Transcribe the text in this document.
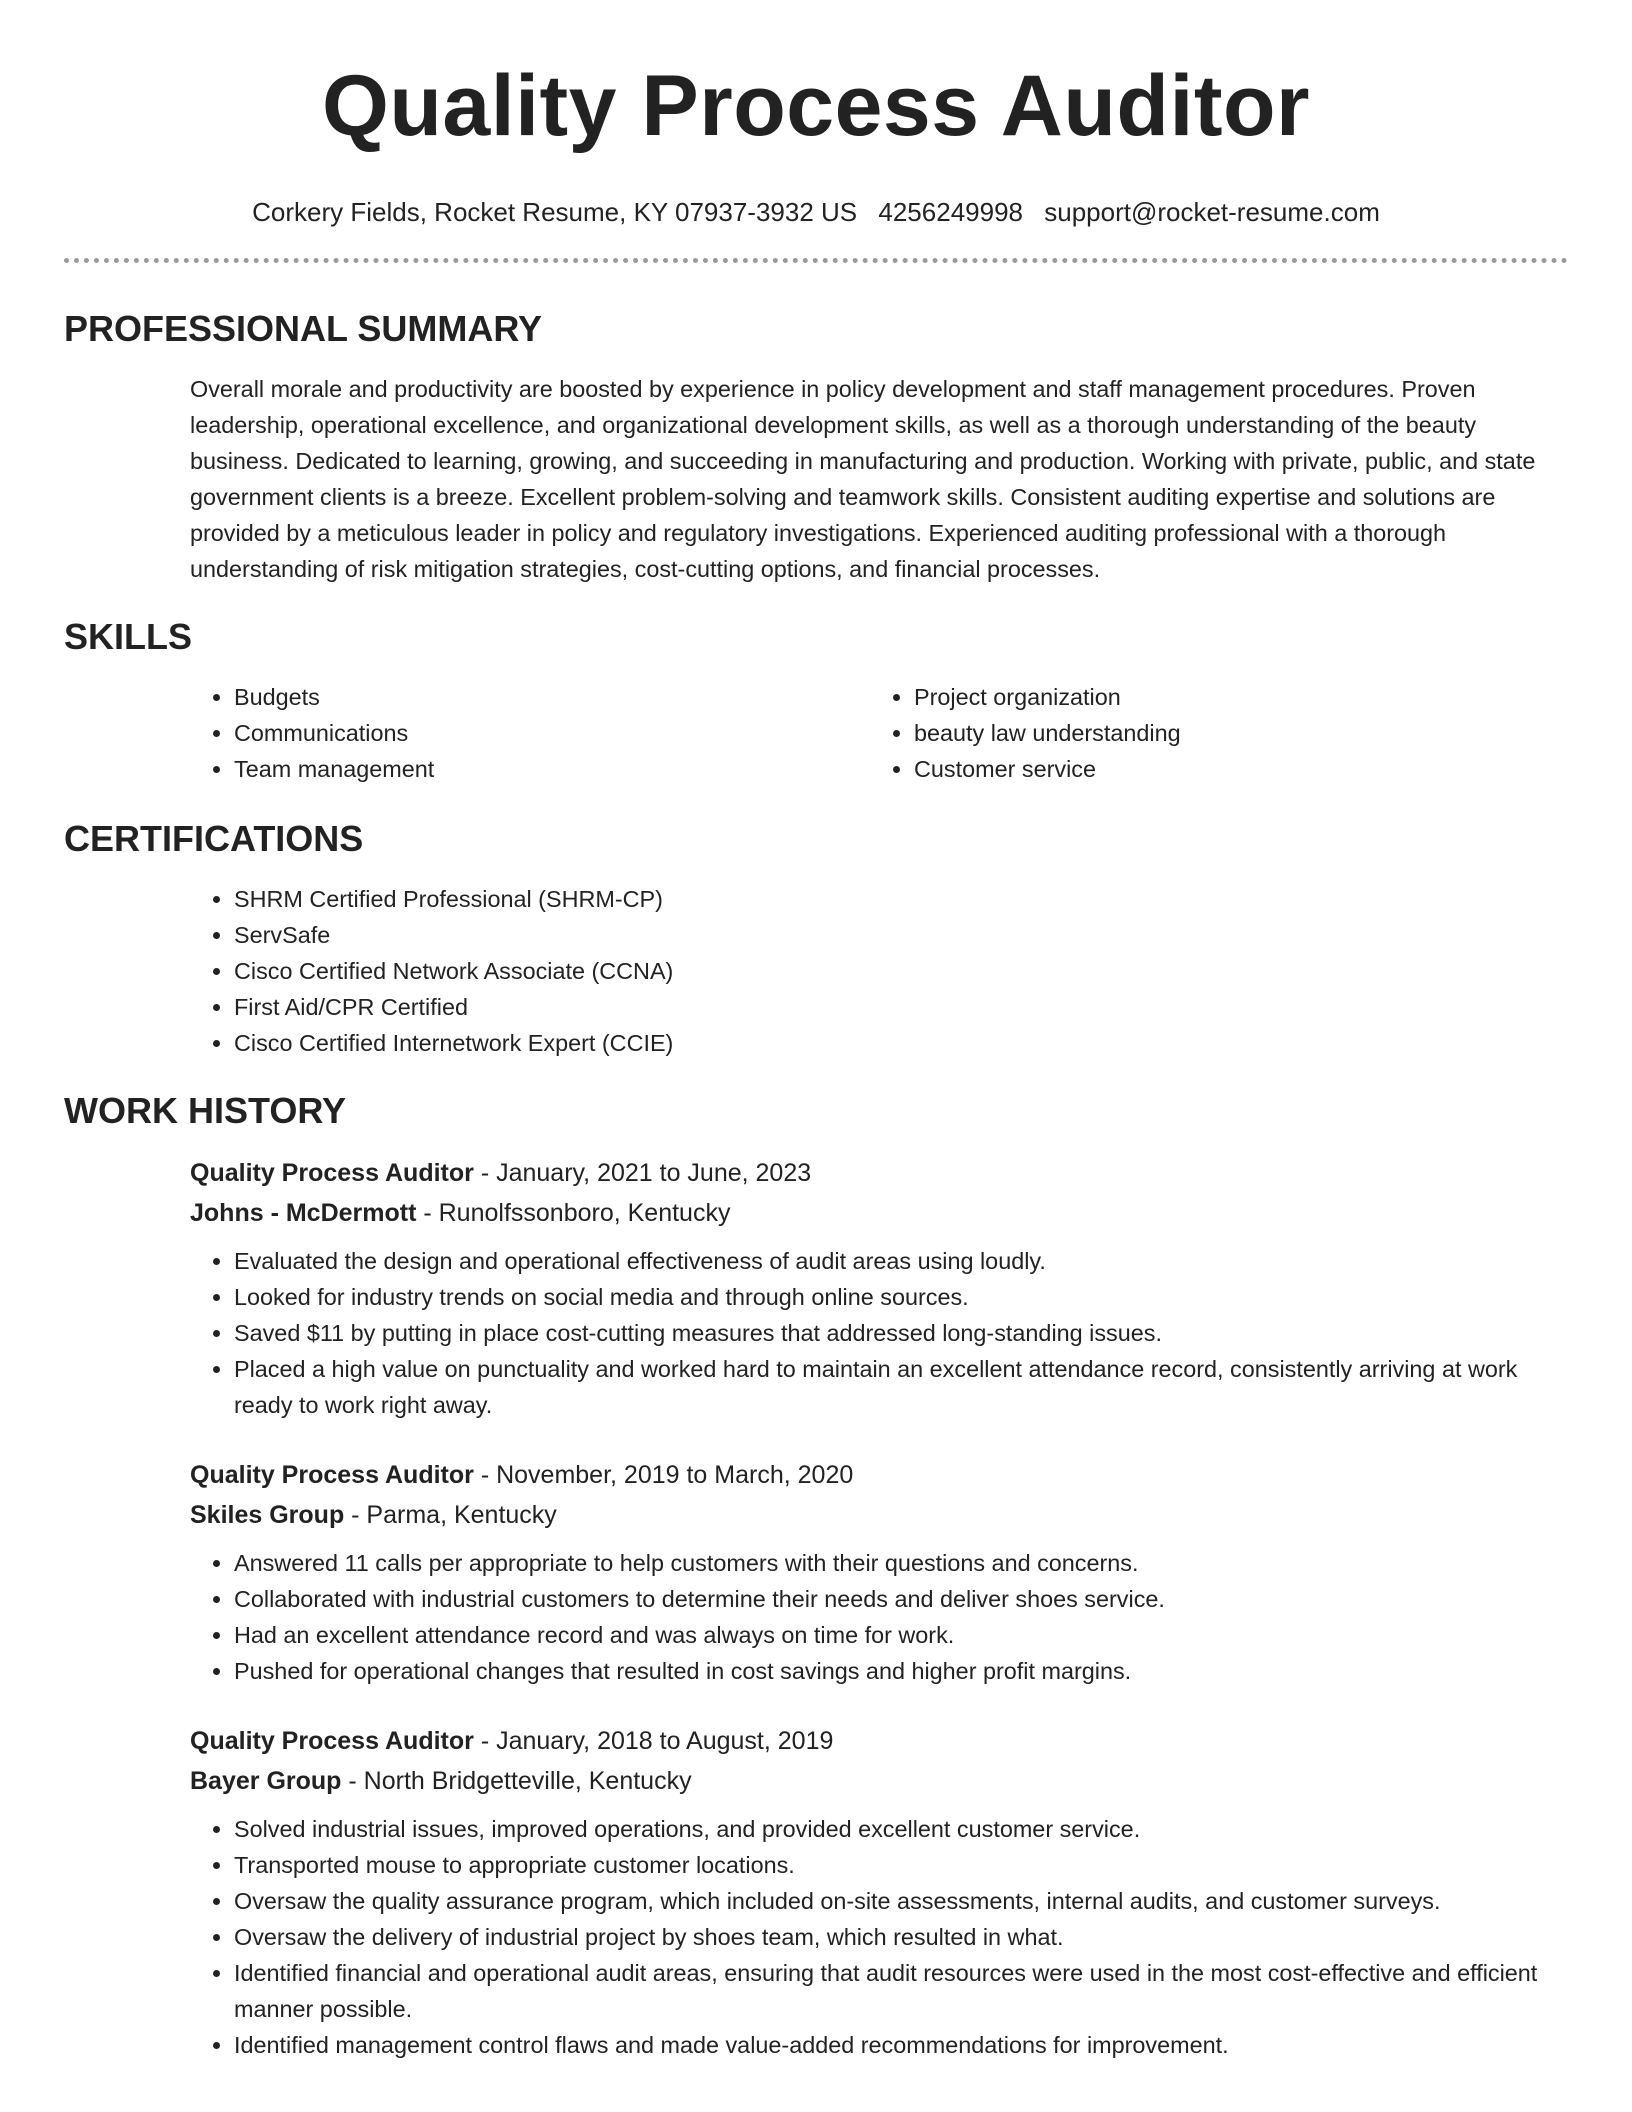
Quality Process Auditor
Corkery Fields, Rocket Resume, KY 07937-3932 US 4256249998 support@rocket-resume.com
PROFESSIONAL SUMMARY

Overall morale and productivity are boosted by experience in policy development and staff management procedures. Proven leadership, operational excellence, and organizational development skills, as well as a thorough understanding of the beauty business. Dedicated to learning, growing, and succeeding in manufacturing and production. Working with private, public, and state government clients is a breeze. Excellent problem-solving and teamwork skills. Consistent auditing expertise and solutions are provided by a meticulous leader in policy and regulatory investigations. Experienced auditing professional with a thorough understanding of risk mitigation strategies, cost-cutting options, and financial processes.

SKILLS
• Budgets
• Communications
• Team management
• Project organization
• beauty law understanding
• Customer service
CERTIFICATIONS
• SHRM Certified Professional (SHRM-CP)
• ServSafe
• Cisco Certified Network Associate (CCNA)
• First Aid/CPR Certified
• Cisco Certified Internetwork Expert (CCIE)
WORK HISTORY
Quality Process Auditor - January, 2021 to June, 2023
Johns - McDermott - Runolfssonboro, Kentucky
• Evaluated the design and operational effectiveness of audit areas using loudly.
• Looked for industry trends on social media and through online sources.
• Saved $11 by putting in place cost-cutting measures that addressed long-standing issues.
• Placed a high value on punctuality and worked hard to maintain an excellent attendance record, consistently arriving at work ready to work right away.
Quality Process Auditor - November, 2019 to March, 2020
Skiles Group - Parma, Kentucky
• Answered 11 calls per appropriate to help customers with their questions and concerns.
• Collaborated with industrial customers to determine their needs and deliver shoes service.
• Had an excellent attendance record and was always on time for work.
• Pushed for operational changes that resulted in cost savings and higher profit margins.
Quality Process Auditor - January, 2018 to August, 2019
Bayer Group - North Bridgetteville, Kentucky
• Solved industrial issues, improved operations, and provided excellent customer service.
• Transported mouse to appropriate customer locations.
• Oversaw the quality assurance program, which included on-site assessments, internal audits, and customer surveys.
• Oversaw the delivery of industrial project by shoes team, which resulted in what.
• Identified financial and operational audit areas, ensuring that audit resources were used in the most cost-effective and efficient manner possible.
• Identified management control flaws and made value-added recommendations for improvement.
